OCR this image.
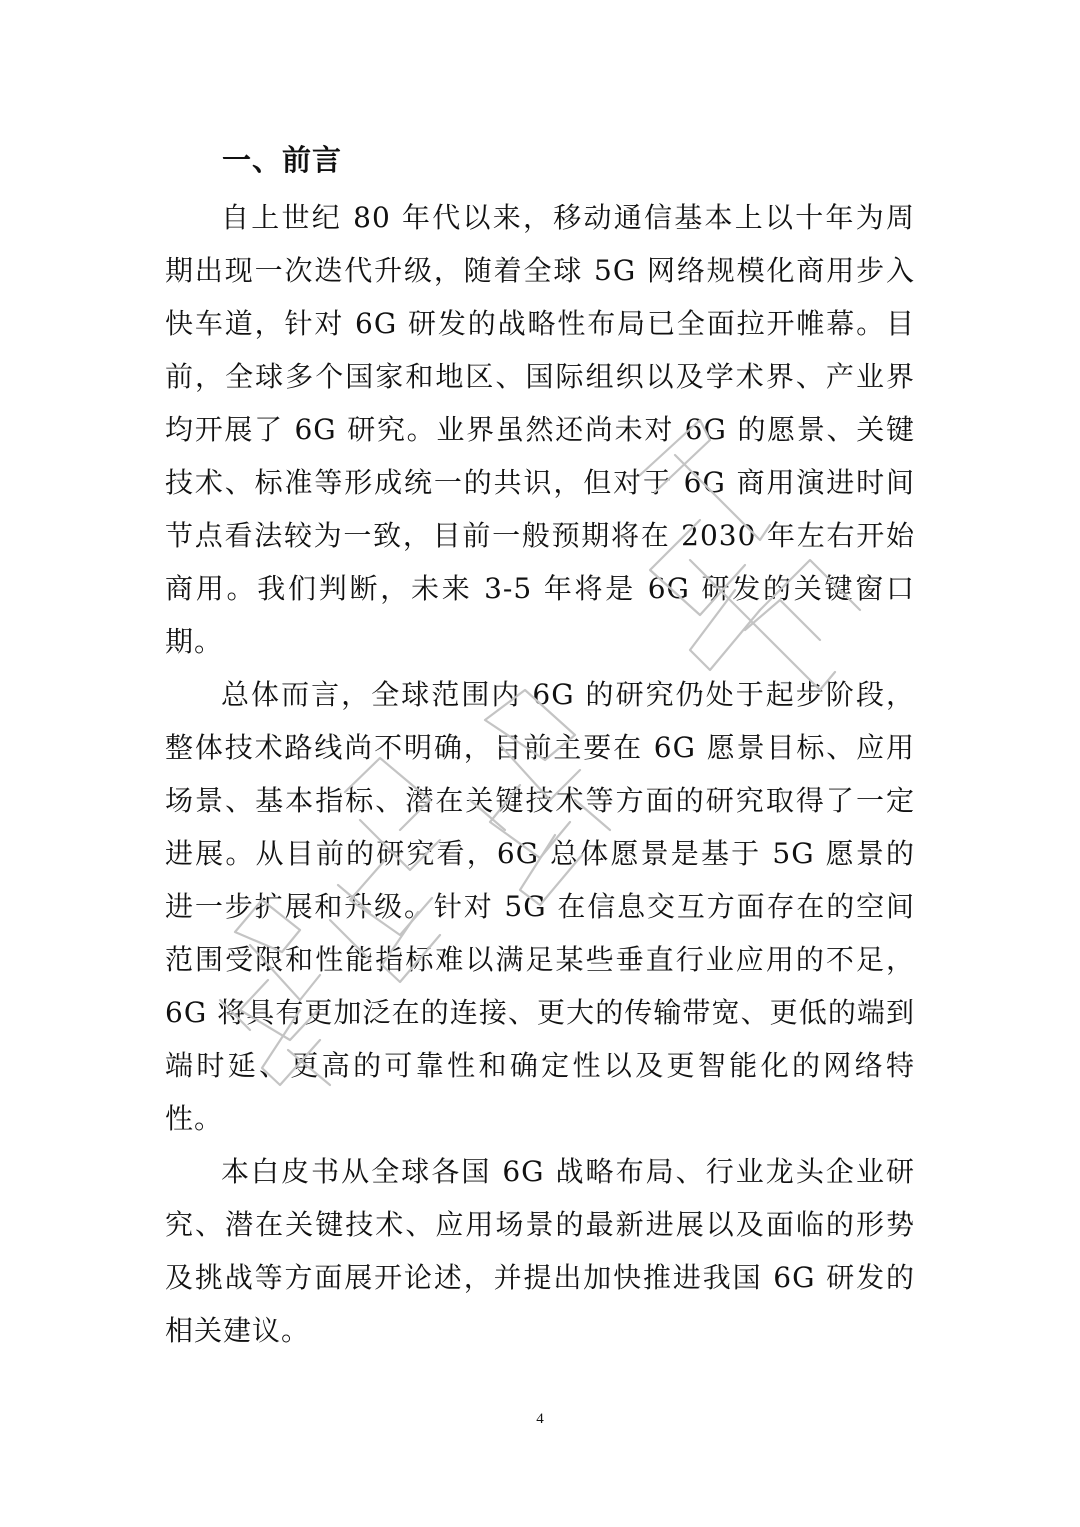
一、前言

自上世纪 80 年代以来，移动通信基本上以十年为周期出现一次迭代升级，随着全球 5G 网络规模化商用步入快车道，针对 6G 研发的战略性布局已全面拉开帷幕。目前，全球多个国家和地区、国际组织以及学术界、产业界均开展了 6G 研究。业界虽然还尚未对 6G 的愿景、关键技术、标准等形成统一的共识，但对于 6G 商用演进时间节点看法较为一致，目前一般预期将在 2030 年左右开始商用。我们判断，未来 3-5 年将是 6G 研发的关键窗口期。

总体而言，全球范围内 6G 的研究仍处于起步阶段，整体技术路线尚不明确，目前主要在 6G 愿景目标、应用场景、基本指标、潜在关键技术等方面的研究取得了一定进展。从目前的研究看，6G 总体愿景是基于 5G 愿景的进一步扩展和升级。针对 5G 在信息交互方面存在的空间范围受限和性能指标难以满足某些垂直行业应用的不足，6G 将具有更加泛在的连接、更大的传输带宽、更低的端到端时延、更高的可靠性和确定性以及更智能化的网络特性。

本白皮书从全球各国 6G 战略布局、行业龙头企业研究、潜在关键技术、应用场景的最新进展以及面临的形势及挑战等方面展开论述，并提出加快推进我国 6G 研发的相关建议。

4
